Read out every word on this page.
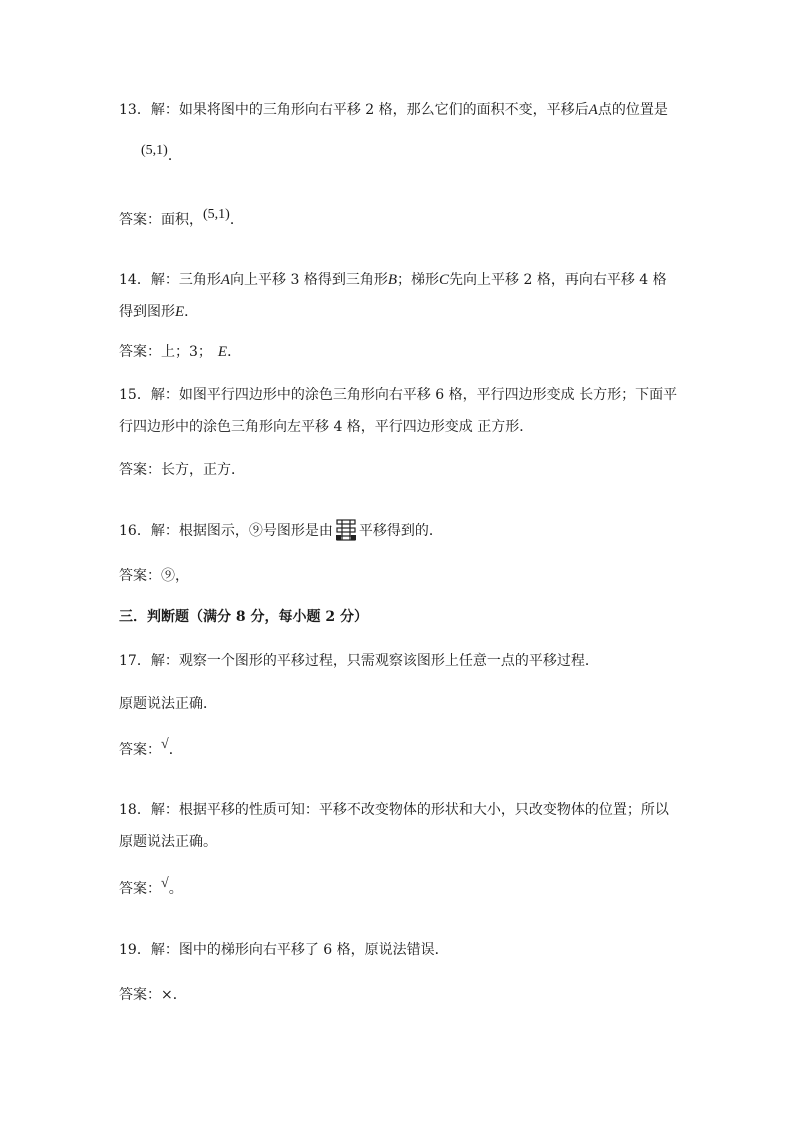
13．解：如果将图中的三角形向右平移 2 格，那么它们的面积不变，平移后A点的位置是
(5,1)．
答案：面积，(5,1)．
14．解：三角形A向上平移 3 格得到三角形B；梯形C先向上平移 2 格，再向右平移 4 格
得到图形E．
答案：上；3； E．
15．解：如图平行四边形中的涂色三角形向右平移 6 格，平行四边形变成 长方形；下面平
行四边形中的涂色三角形向左平移 4 格，平行四边形变成 正方形．
答案：长方，正方．
16．解：根据图示，⑨号图形是由 平移得到的．
答案：⑨，
三．判断题（满分 8 分，每小题 2 分）
17．解：观察一个图形的平移过程，只需观察该图形上任意一点的平移过程．
原题说法正确．
答案：√．
18．解：根据平移的性质可知：平移不改变物体的形状和大小，只改变物体的位置；所以
原题说法正确。
答案：√。
19．解：图中的梯形向右平移了 6 格，原说法错误．
答案：×．
